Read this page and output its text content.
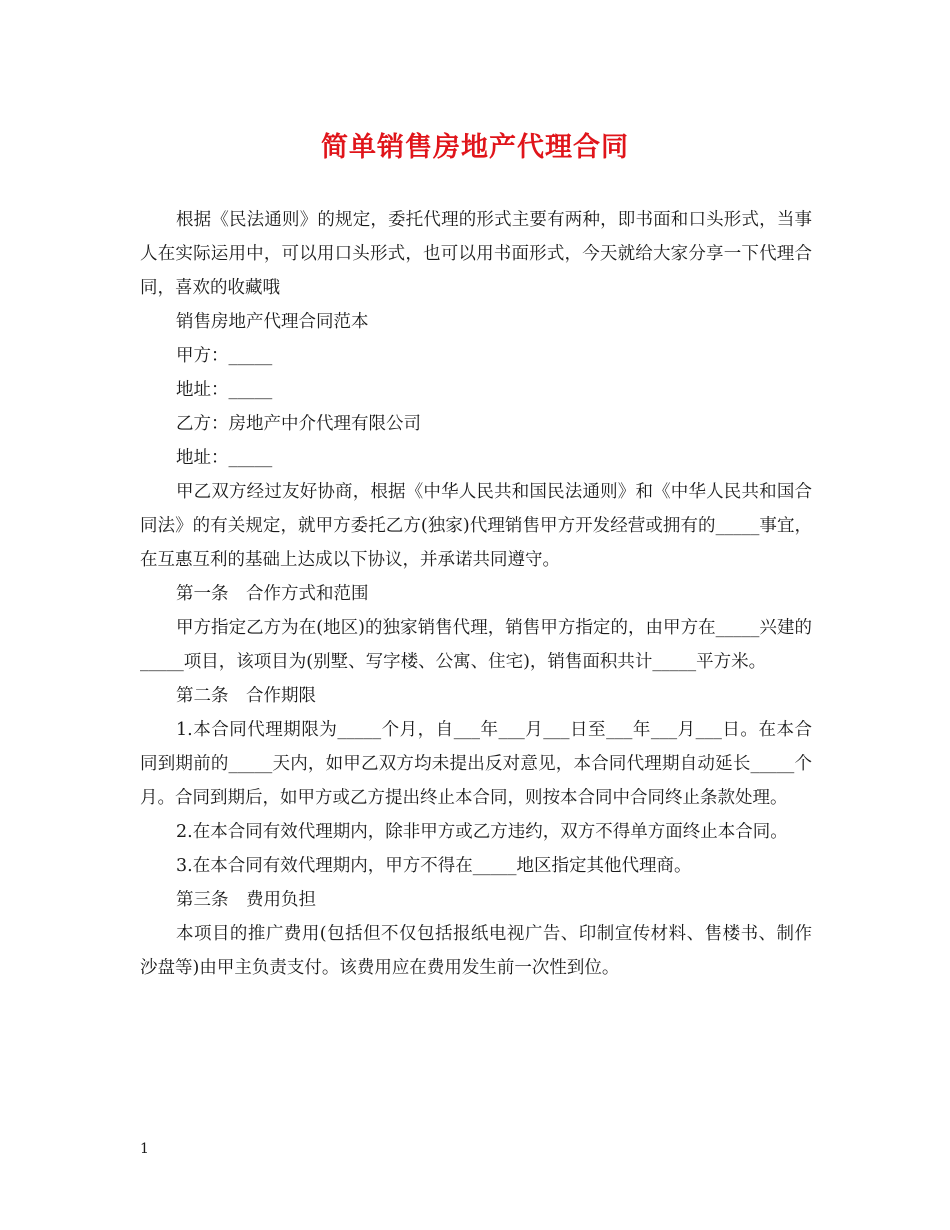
简单销售房地产代理合同

根据《民法通则》的规定，委托代理的形式主要有两种，即书面和口头形式，当事人在实际运用中，可以用口头形式，也可以用书面形式，今天就给大家分享一下代理合同，喜欢的收藏哦

销售房地产代理合同范本

甲方：_____

地址：_____

乙方：房地产中介代理有限公司

地址：_____

甲乙双方经过友好协商，根据《中华人民共和国民法通则》和《中华人民共和国合同法》的有关规定，就甲方委托乙方(独家)代理销售甲方开发经营或拥有的_____事宜，在互惠互利的基础上达成以下协议，并承诺共同遵守。

第一条　合作方式和范围

甲方指定乙方为在(地区)的独家销售代理，销售甲方指定的，由甲方在_____兴建的_____项目，该项目为(别墅、写字楼、公寓、住宅)，销售面积共计_____平方米。

第二条　合作期限

1.本合同代理期限为_____个月，自___年___月___日至___年___月___日。在本合同到期前的_____天内，如甲乙双方均未提出反对意见，本合同代理期自动延长_____个月。合同到期后，如甲方或乙方提出终止本合同，则按本合同中合同终止条款处理。

2.在本合同有效代理期内，除非甲方或乙方违约，双方不得单方面终止本合同。

3.在本合同有效代理期内，甲方不得在_____地区指定其他代理商。

第三条　费用负担

本项目的推广费用(包括但不仅包括报纸电视广告、印制宣传材料、售楼书、制作沙盘等)由甲主负责支付。该费用应在费用发生前一次性到位。

1
